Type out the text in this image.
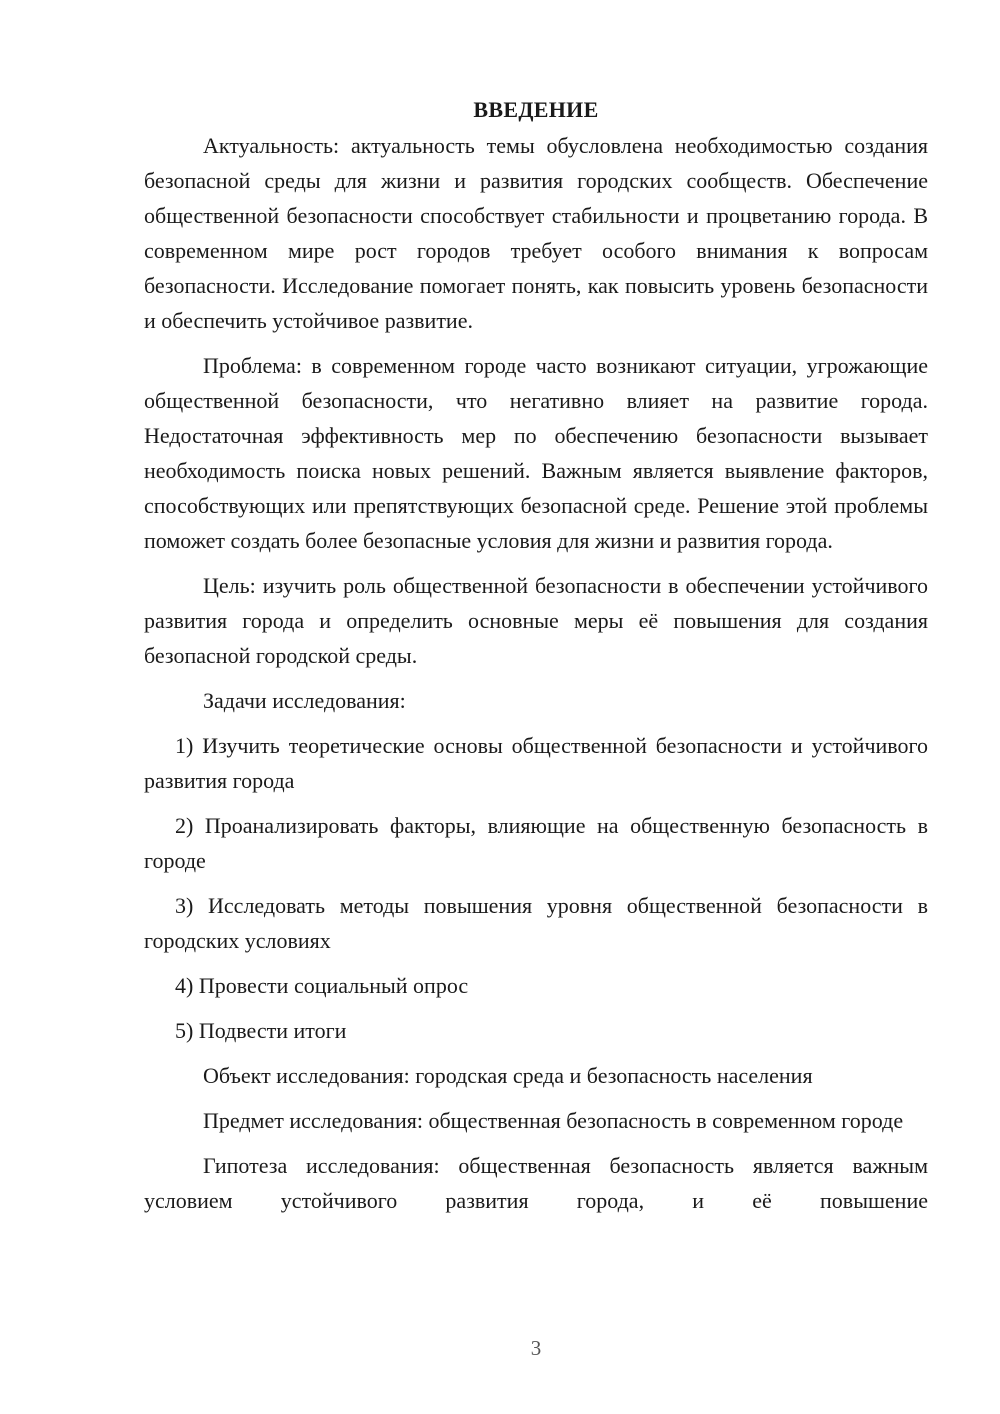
ВВЕДЕНИЕ

Актуальность: актуальность темы обусловлена необходимостью создания безопасной среды для жизни и развития городских сообществ. Обеспечение общественной безопасности способствует стабильности и процветанию города. В современном мире рост городов требует особого внимания к вопросам безопасности. Исследование помогает понять, как повысить уровень безопасности и обеспечить устойчивое развитие.

Проблема: в современном городе часто возникают ситуации, угрожающие общественной безопасности, что негативно влияет на развитие города. Недостаточная эффективность мер по обеспечению безопасности вызывает необходимость поиска новых решений. Важным является выявление факторов, способствующих или препятствующих безопасной среде. Решение этой проблемы поможет создать более безопасные условия для жизни и развития города.

Цель: изучить роль общественной безопасности в обеспечении устойчивого развития города и определить основные меры её повышения для создания безопасной городской среды.

Задачи исследования:

1) Изучить теоретические основы общественной безопасности и устойчивого развития города

2) Проанализировать факторы, влияющие на общественную безопасность в городе

3) Исследовать методы повышения уровня общественной безопасности в городских условиях

4) Провести социальный опрос

5) Подвести итоги

Объект исследования: городская среда и безопасность населения

Предмет исследования: общественная безопасность в современном городе

Гипотеза исследования: общественная безопасность является важным условием устойчивого развития города, и её повышение

3
